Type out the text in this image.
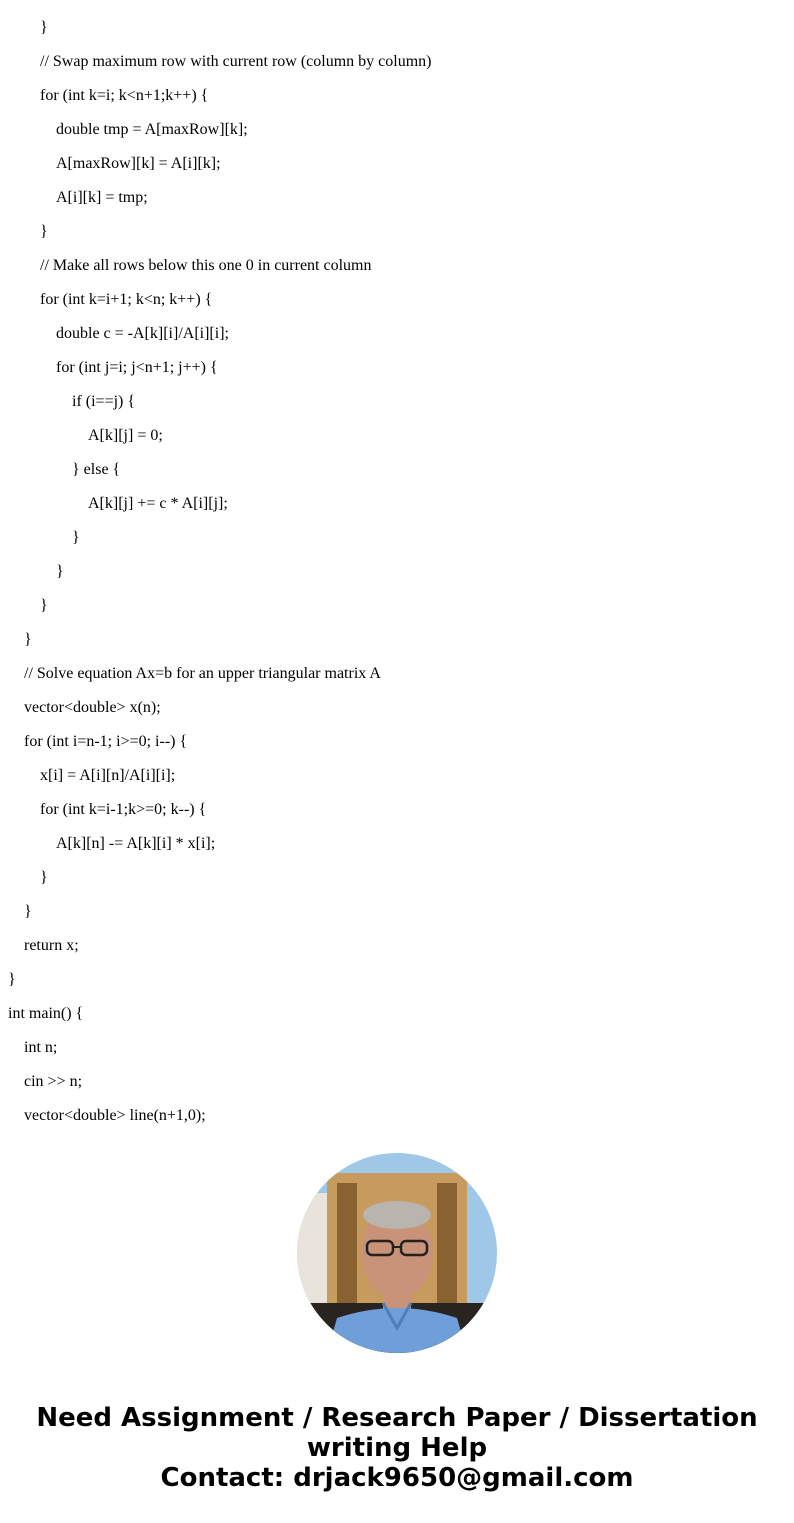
}
// Swap maximum row with current row (column by column)
for (int k=i; k<n+1;k++) {
double tmp = A[maxRow][k];
A[maxRow][k] = A[i][k];
A[i][k] = tmp;
}
// Make all rows below this one 0 in current column
for (int k=i+1; k<n; k++) {
double c = -A[k][i]/A[i][i];
for (int j=i; j<n+1; j++) {
if (i==j) {
A[k][j] = 0;
} else {
A[k][j] += c * A[i][j];
}
}
}
}
// Solve equation Ax=b for an upper triangular matrix A
vector<double> x(n);
for (int i=n-1; i>=0; i--) {
x[i] = A[i][n]/A[i][i];
for (int k=i-1;k>=0; k--) {
A[k][n] -= A[k][i] * x[i];
}
}
return x;
}
int main() {
int n;
cin >> n;
vector<double> line(n+1,0);
Need Assignment / Research Paper / Dissertation
writing Help
Contact: drjack9650@gmail.com
